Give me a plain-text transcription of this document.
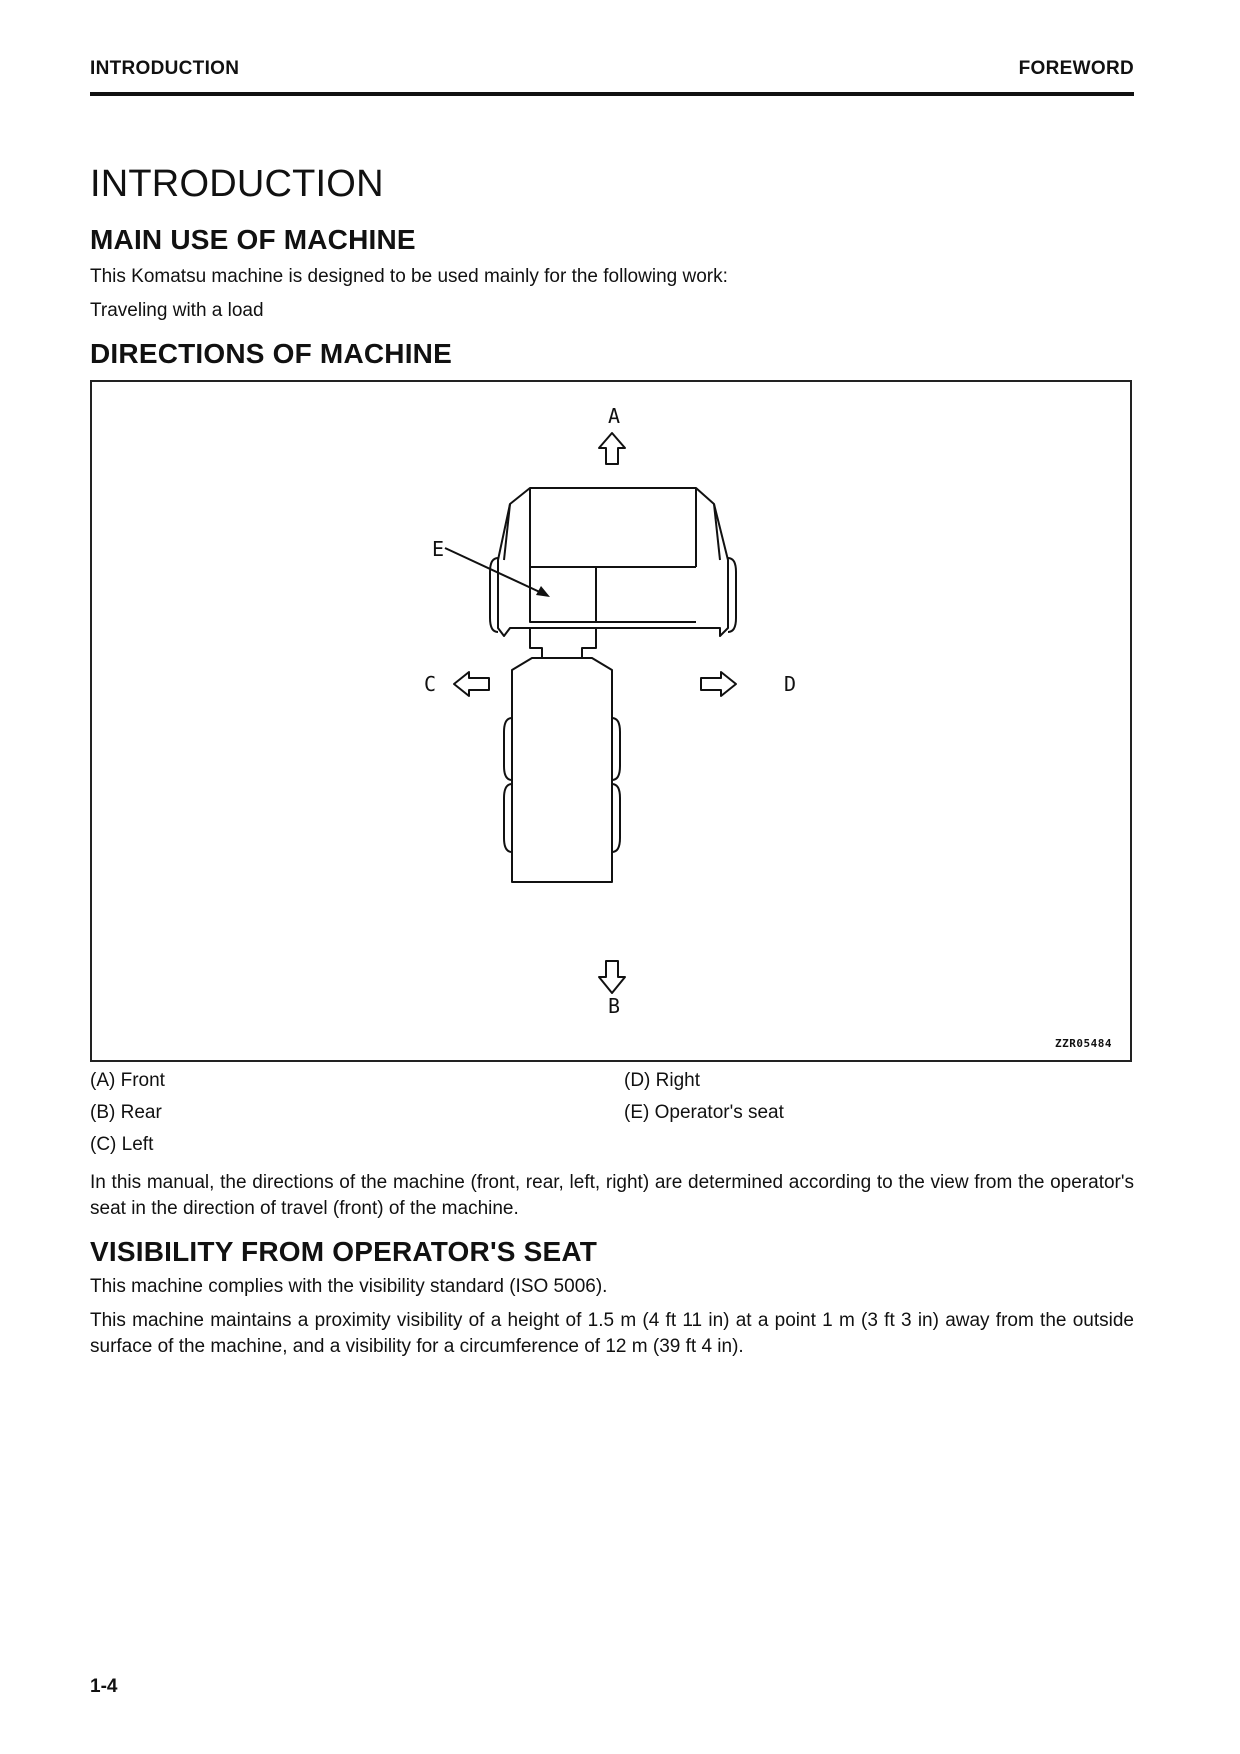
INTRODUCTION	FOREWORD
INTRODUCTION
MAIN USE OF MACHINE

This Komatsu machine is designed to be used mainly for the following work:

Traveling with a load

DIRECTIONS OF MACHINE
A
B
C	D
E
ZZR05484
(A) Front
(B) Rear
(C) Left
(D) Right
(E) Operator's seat

In this manual, the directions of the machine (front, rear, left, right) are determined according to the view from the operator's seat in the direction of travel (front) of the machine.

VISIBILITY FROM OPERATOR'S SEAT

This machine complies with the visibility standard (ISO 5006).

This machine maintains a proximity visibility of a height of 1.5 m (4 ft 11 in) at a point 1 m (3 ft 3 in) away from the outside surface of the machine, and a visibility for a circumference of 12 m (39 ft 4 in).

1-4
